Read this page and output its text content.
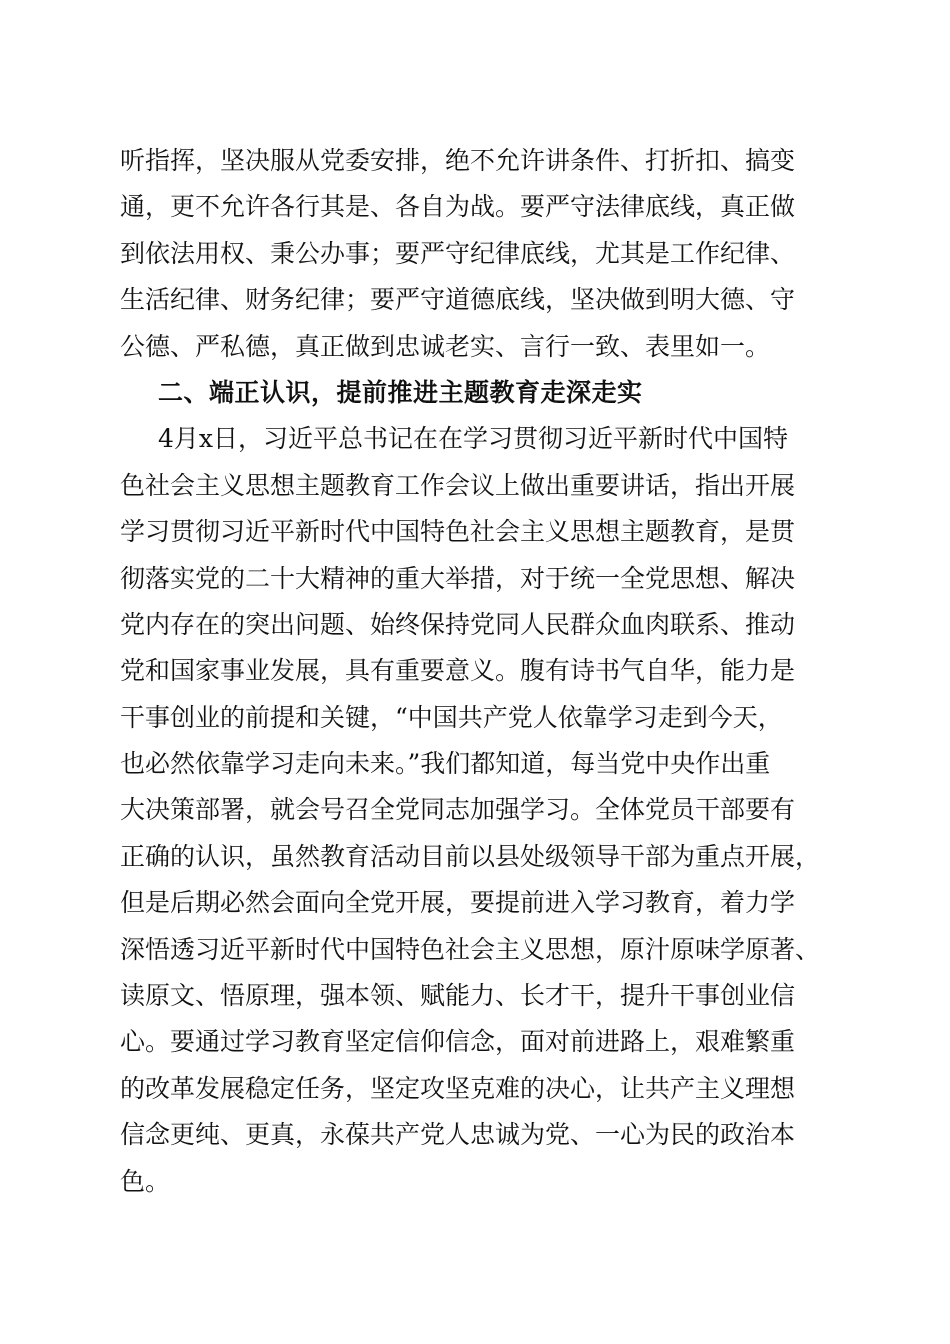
听指挥，坚决服从党委安排，绝不允许讲条件、打折扣、搞变
通，更不允许各行其是、各自为战。要严守法律底线，真正做
到依法用权、秉公办事；要严守纪律底线，尤其是工作纪律、
生活纪律、财务纪律；要严守道德底线，坚决做到明大德、守
公德、严私德，真正做到忠诚老实、言行一致、表里如一。
二、端正认识，提前推进主题教育走深走实
4月x日，习近平总书记在在学习贯彻习近平新时代中国特
色社会主义思想主题教育工作会议上做出重要讲话，指出开展
学习贯彻习近平新时代中国特色社会主义思想主题教育，是贯
彻落实党的二十大精神的重大举措，对于统一全党思想、解决
党内存在的突出问题、始终保持党同人民群众血肉联系、推动
党和国家事业发展，具有重要意义。腹有诗书气自华，能力是
干事创业的前提和关键，“中国共产党人依靠学习走到今天，
也必然依靠学习走向未来。”我们都知道，每当党中央作出重
大决策部署，就会号召全党同志加强学习。全体党员干部要有
正确的认识，虽然教育活动目前以县处级领导干部为重点开展，
但是后期必然会面向全党开展，要提前进入学习教育，着力学
深悟透习近平新时代中国特色社会主义思想，原汁原味学原著、
读原文、悟原理，强本领、赋能力、长才干，提升干事创业信
心。要通过学习教育坚定信仰信念，面对前进路上，艰难繁重
的改革发展稳定任务，坚定攻坚克难的决心，让共产主义理想
信念更纯、更真，永葆共产党人忠诚为党、一心为民的政治本
色。
